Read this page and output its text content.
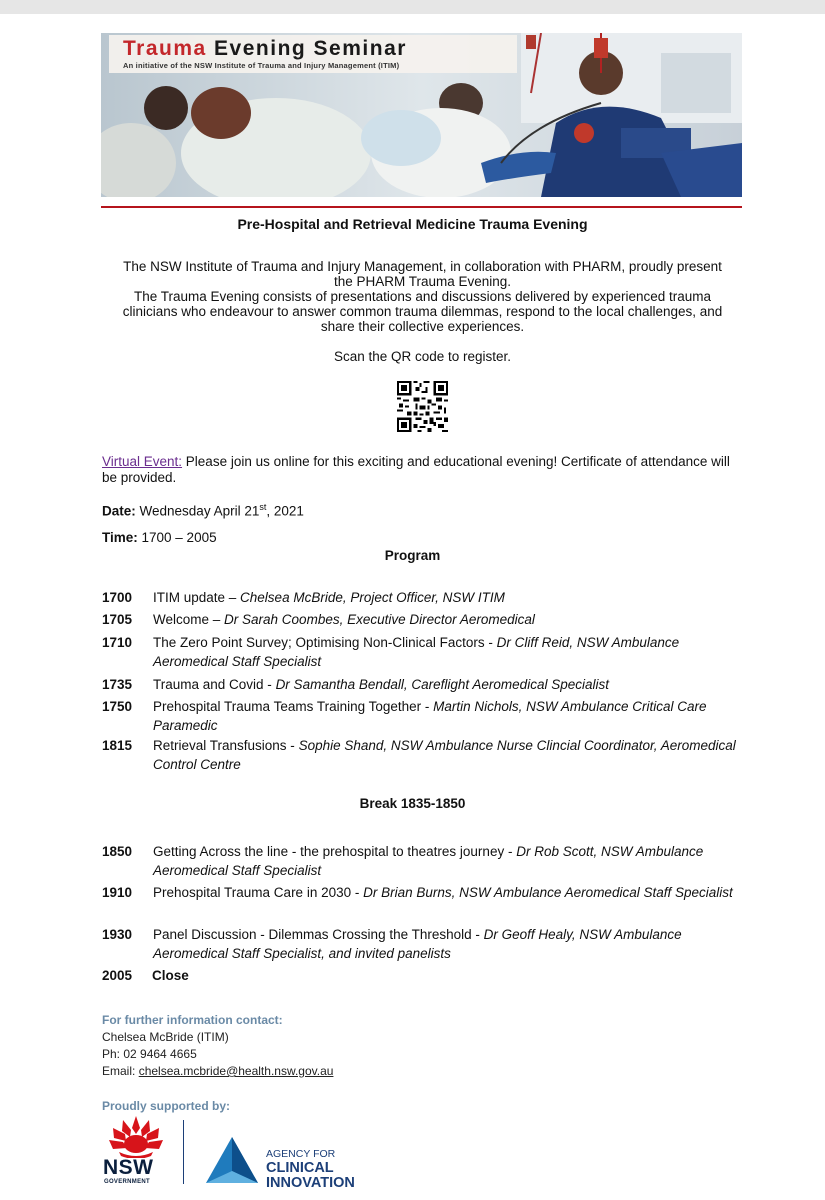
Trauma Evening Seminar
An initiative of the NSW Institute of Trauma and Injury Management (ITIM)
Pre-Hospital and Retrieval Medicine Trauma Evening
The NSW Institute of Trauma and Injury Management, in collaboration with PHARM, proudly present
the PHARM Trauma Evening.
The Trauma Evening consists of presentations and discussions delivered by experienced trauma
clinicians who endeavour to answer common trauma dilemmas, respond to the local challenges, and
share their collective experiences.
Scan the QR code to register.
Virtual Event: Please join us online for this exciting and educational evening! Certificate of attendance will be provided.
Date: Wednesday April 21st, 2021
Time: 1700 – 2005
Program
1700	ITIM update – Chelsea McBride, Project Officer, NSW ITIM
1705	Welcome – Dr Sarah Coombes, Executive Director Aeromedical
1710	The Zero Point Survey; Optimising Non-Clinical Factors - Dr Cliff Reid, NSW Ambulance Aeromedical Staff Specialist
1735	Trauma and Covid - Dr Samantha Bendall, Careflight Aeromedical Specialist
1750	Prehospital Trauma Teams Training Together - Martin Nichols, NSW Ambulance Critical Care Paramedic
1815	Retrieval Transfusions - Sophie Shand, NSW Ambulance Nurse Clincial Coordinator, Aeromedical Control Centre
Break 1835-1850
1850	Getting Across the line - the prehospital to theatres journey - Dr Rob Scott, NSW Ambulance Aeromedical Staff Specialist
1910	Prehospital Trauma Care in 2030 - Dr Brian Burns, NSW Ambulance Aeromedical Staff Specialist
1930	Panel Discussion - Dilemmas Crossing the Threshold - Dr Geoff Healy, NSW Ambulance Aeromedical Staff Specialist, and invited panelists
2005	Close
For further information contact:
Chelsea McBride (ITIM)
Ph: 02 9464 4665
Email: chelsea.mcbride@health.nsw.gov.au
Proudly supported by:
NSW
GOVERNMENT
AGENCY FOR
CLINICAL
INNOVATION
